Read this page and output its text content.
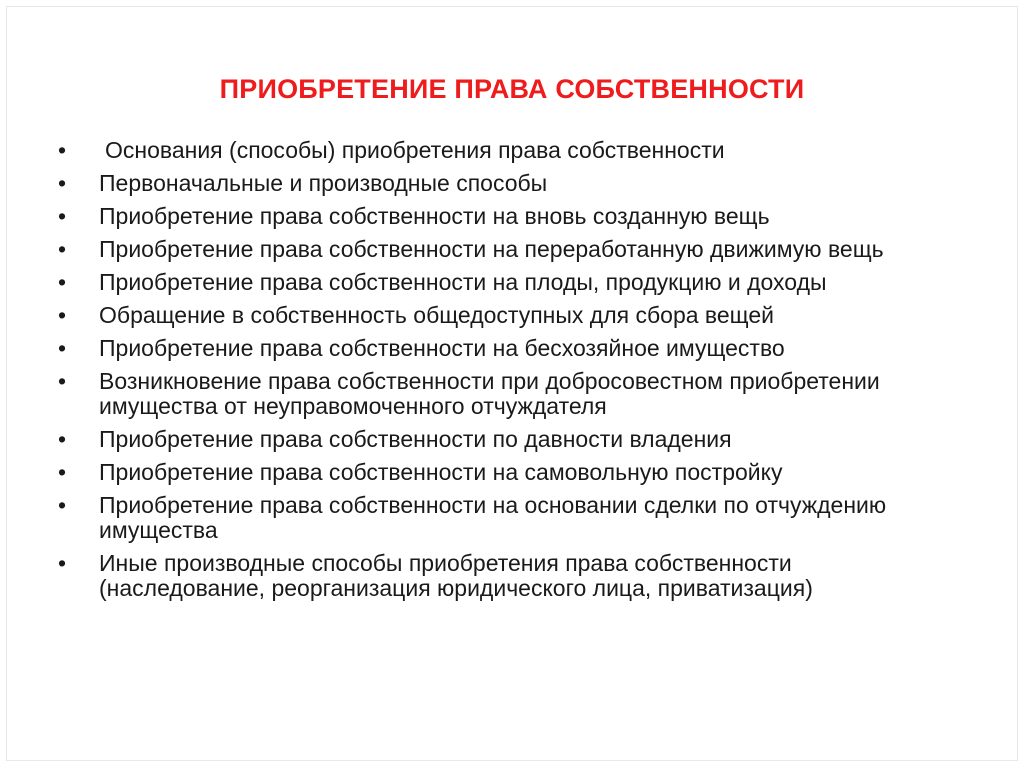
ПРИОБРЕТЕНИЕ ПРАВА СОБСТВЕННОСТИ
• Основания (способы) приобретения права собственности
• Первоначальные и производные способы
• Приобретение права собственности на вновь созданную вещь
• Приобретение права собственности на переработанную движимую вещь
• Приобретение права собственности на плоды, продукцию и доходы
• Обращение в собственность общедоступных для сбора вещей
• Приобретение права собственности на бесхозяйное имущество
• Возникновение права собственности при добросовестном приобретении имущества от неуправомоченного отчуждателя
• Приобретение права собственности по давности владения
• Приобретение права собственности на самовольную постройку
• Приобретение права собственности на основании сделки по отчуждению имущества
• Иные производные способы приобретения права собственности (наследование, реорганизация юридического лица, приватизация)
